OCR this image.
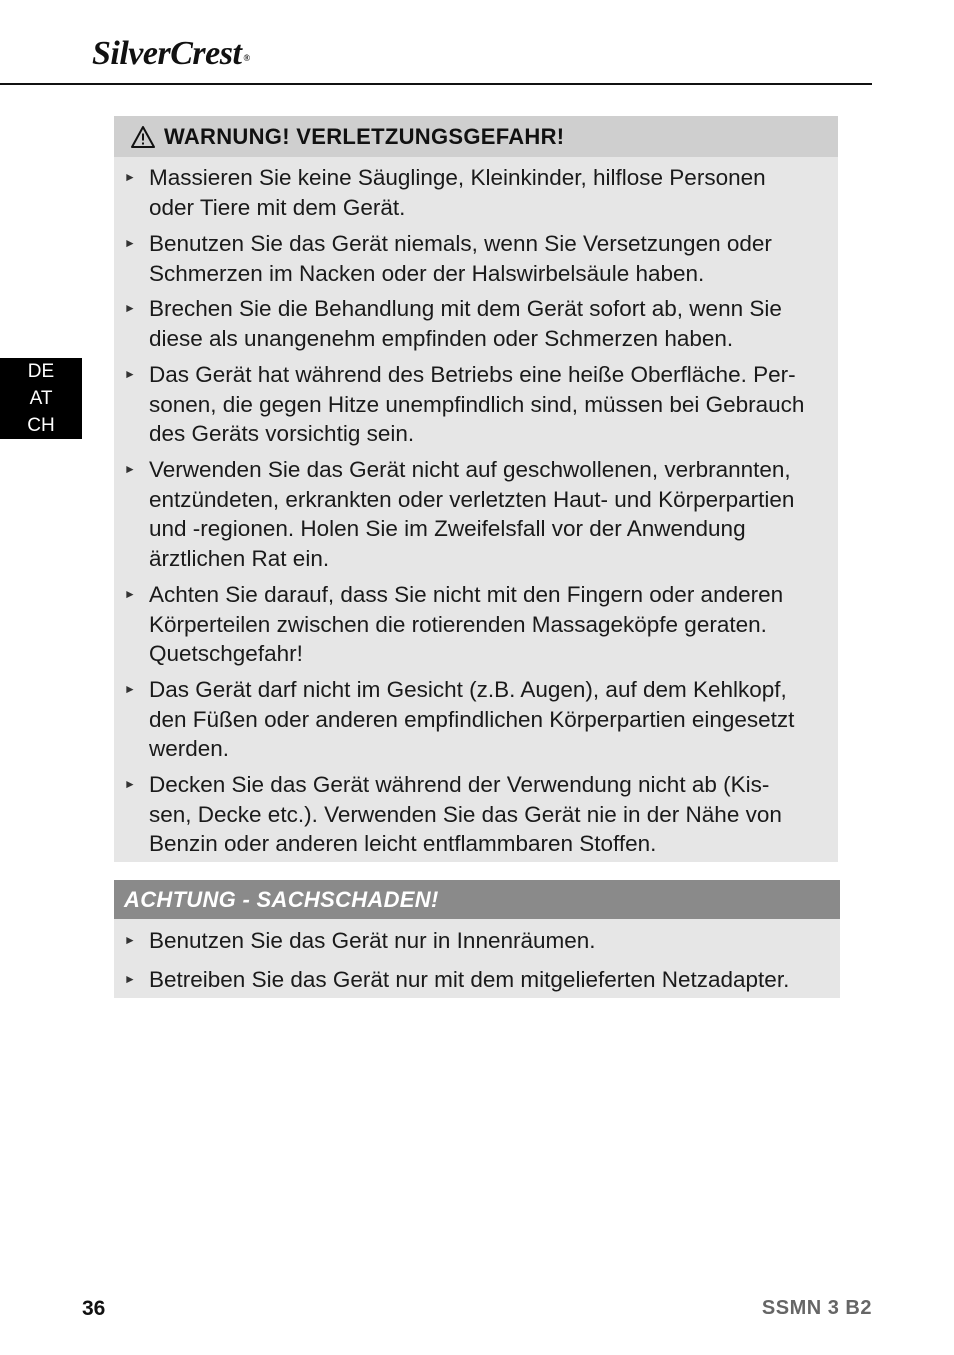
SilverCrest ®
DE
AT
CH
WARNUNG! VERLETZUNGSGEFAHR!
► Massieren Sie keine Säuglinge, Kleinkinder, hilflose Personen
oder Tiere mit dem Gerät.
► Benutzen Sie das Gerät niemals, wenn Sie Versetzungen oder
Schmerzen im Nacken oder der Halswirbelsäule haben.
► Brechen Sie die Behandlung mit dem Gerät sofort ab, wenn Sie
diese als unangenehm empfinden oder Schmerzen haben.
► Das Gerät hat während des Betriebs eine heiße Oberfläche. Per-
sonen, die gegen Hitze unempfindlich sind, müssen bei Gebrauch
des Geräts vorsichtig sein.
► Verwenden Sie das Gerät nicht auf geschwollenen, verbrannten,
entzündeten, erkrankten oder verletzten Haut- und Körperpartien
und -regionen. Holen Sie im Zweifelsfall vor der Anwendung
ärztlichen Rat ein.
► Achten Sie darauf, dass Sie nicht mit den Fingern oder anderen
Körperteilen zwischen die rotierenden Massageköpfe geraten.
Quetschgefahr!
► Das Gerät darf nicht im Gesicht (z.B. Augen), auf dem Kehlkopf,
den Füßen oder anderen empfindlichen Körperpartien eingesetzt
werden.
► Decken Sie das Gerät während der Verwendung nicht ab (Kis-
sen, Decke etc.). Verwenden Sie das Gerät nie in der Nähe von
Benzin oder anderen leicht entflammbaren Stoffen.
ACHTUNG - SACHSCHADEN!
► Benutzen Sie das Gerät nur in Innenräumen.
► Betreiben Sie das Gerät nur mit dem mitgelieferten Netzadapter.
36	SSMN 3 B2
